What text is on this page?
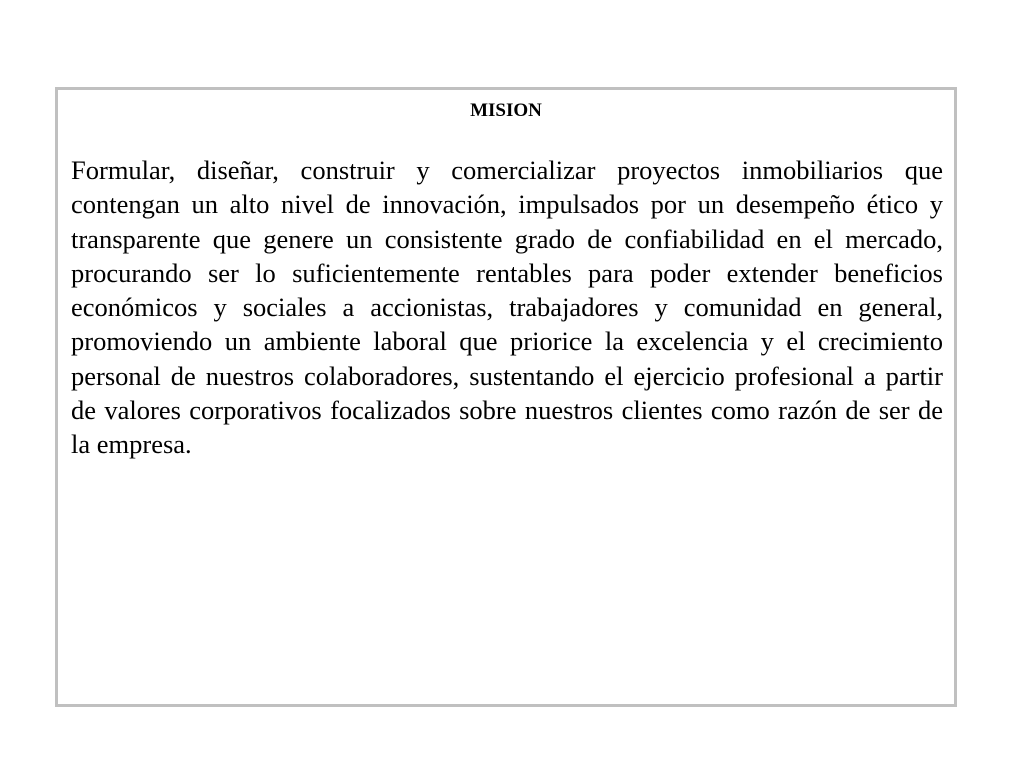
MISION

Formular, diseñar, construir y comercializar proyectos inmobiliarios que contengan un alto nivel de innovación, impulsados por un desempeño ético y transparente que genere un consistente grado de confiabilidad en el mercado, procurando ser lo suficientemente rentables para poder extender beneficios económicos y sociales a accionistas, trabajadores y comunidad en general, promoviendo un ambiente laboral que priorice la excelencia y el crecimiento personal de nuestros colaboradores, sustentando el ejercicio profesional a partir de valores corporativos focalizados sobre nuestros clientes como razón de ser de la empresa.
